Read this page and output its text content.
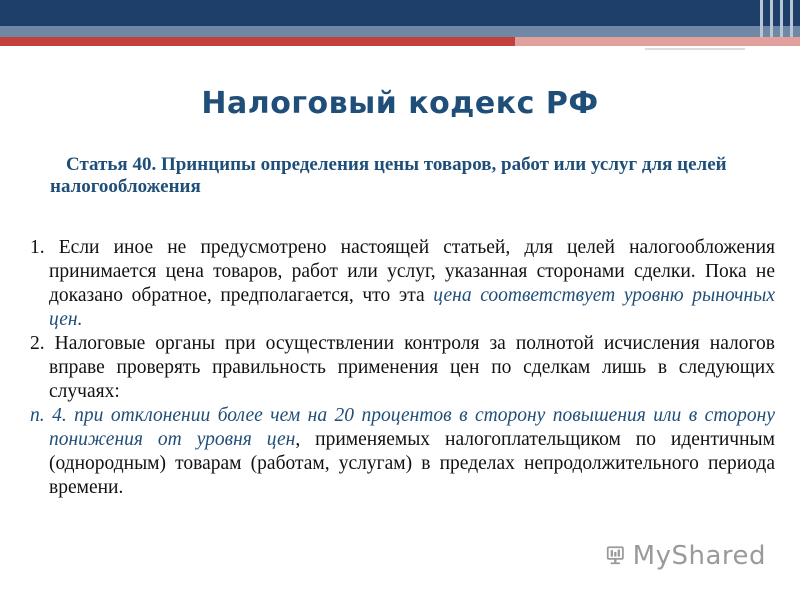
Налоговый кодекс РФ
Статья 40. Принципы определения цены товаров, работ или услуг для целей налогообложения

1. Если иное не предусмотрено настоящей статьей, для целей налогообложения принимается цена товаров, работ или услуг, указанная сторонами сделки. Пока не доказано обратное, предполагается, что эта цена соответствует уровню рыночных цен.

2. Налоговые органы при осуществлении контроля за полнотой исчисления налогов вправе проверять правильность применения цен по сделкам лишь в следующих случаях:

п. 4. при отклонении более чем на 20 процентов в сторону повышения или в сторону понижения от уровня цен, применяемых налогоплательщиком по идентичным (однородным) товарам (работам, услугам) в пределах непродолжительного периода времени.

MyShared
